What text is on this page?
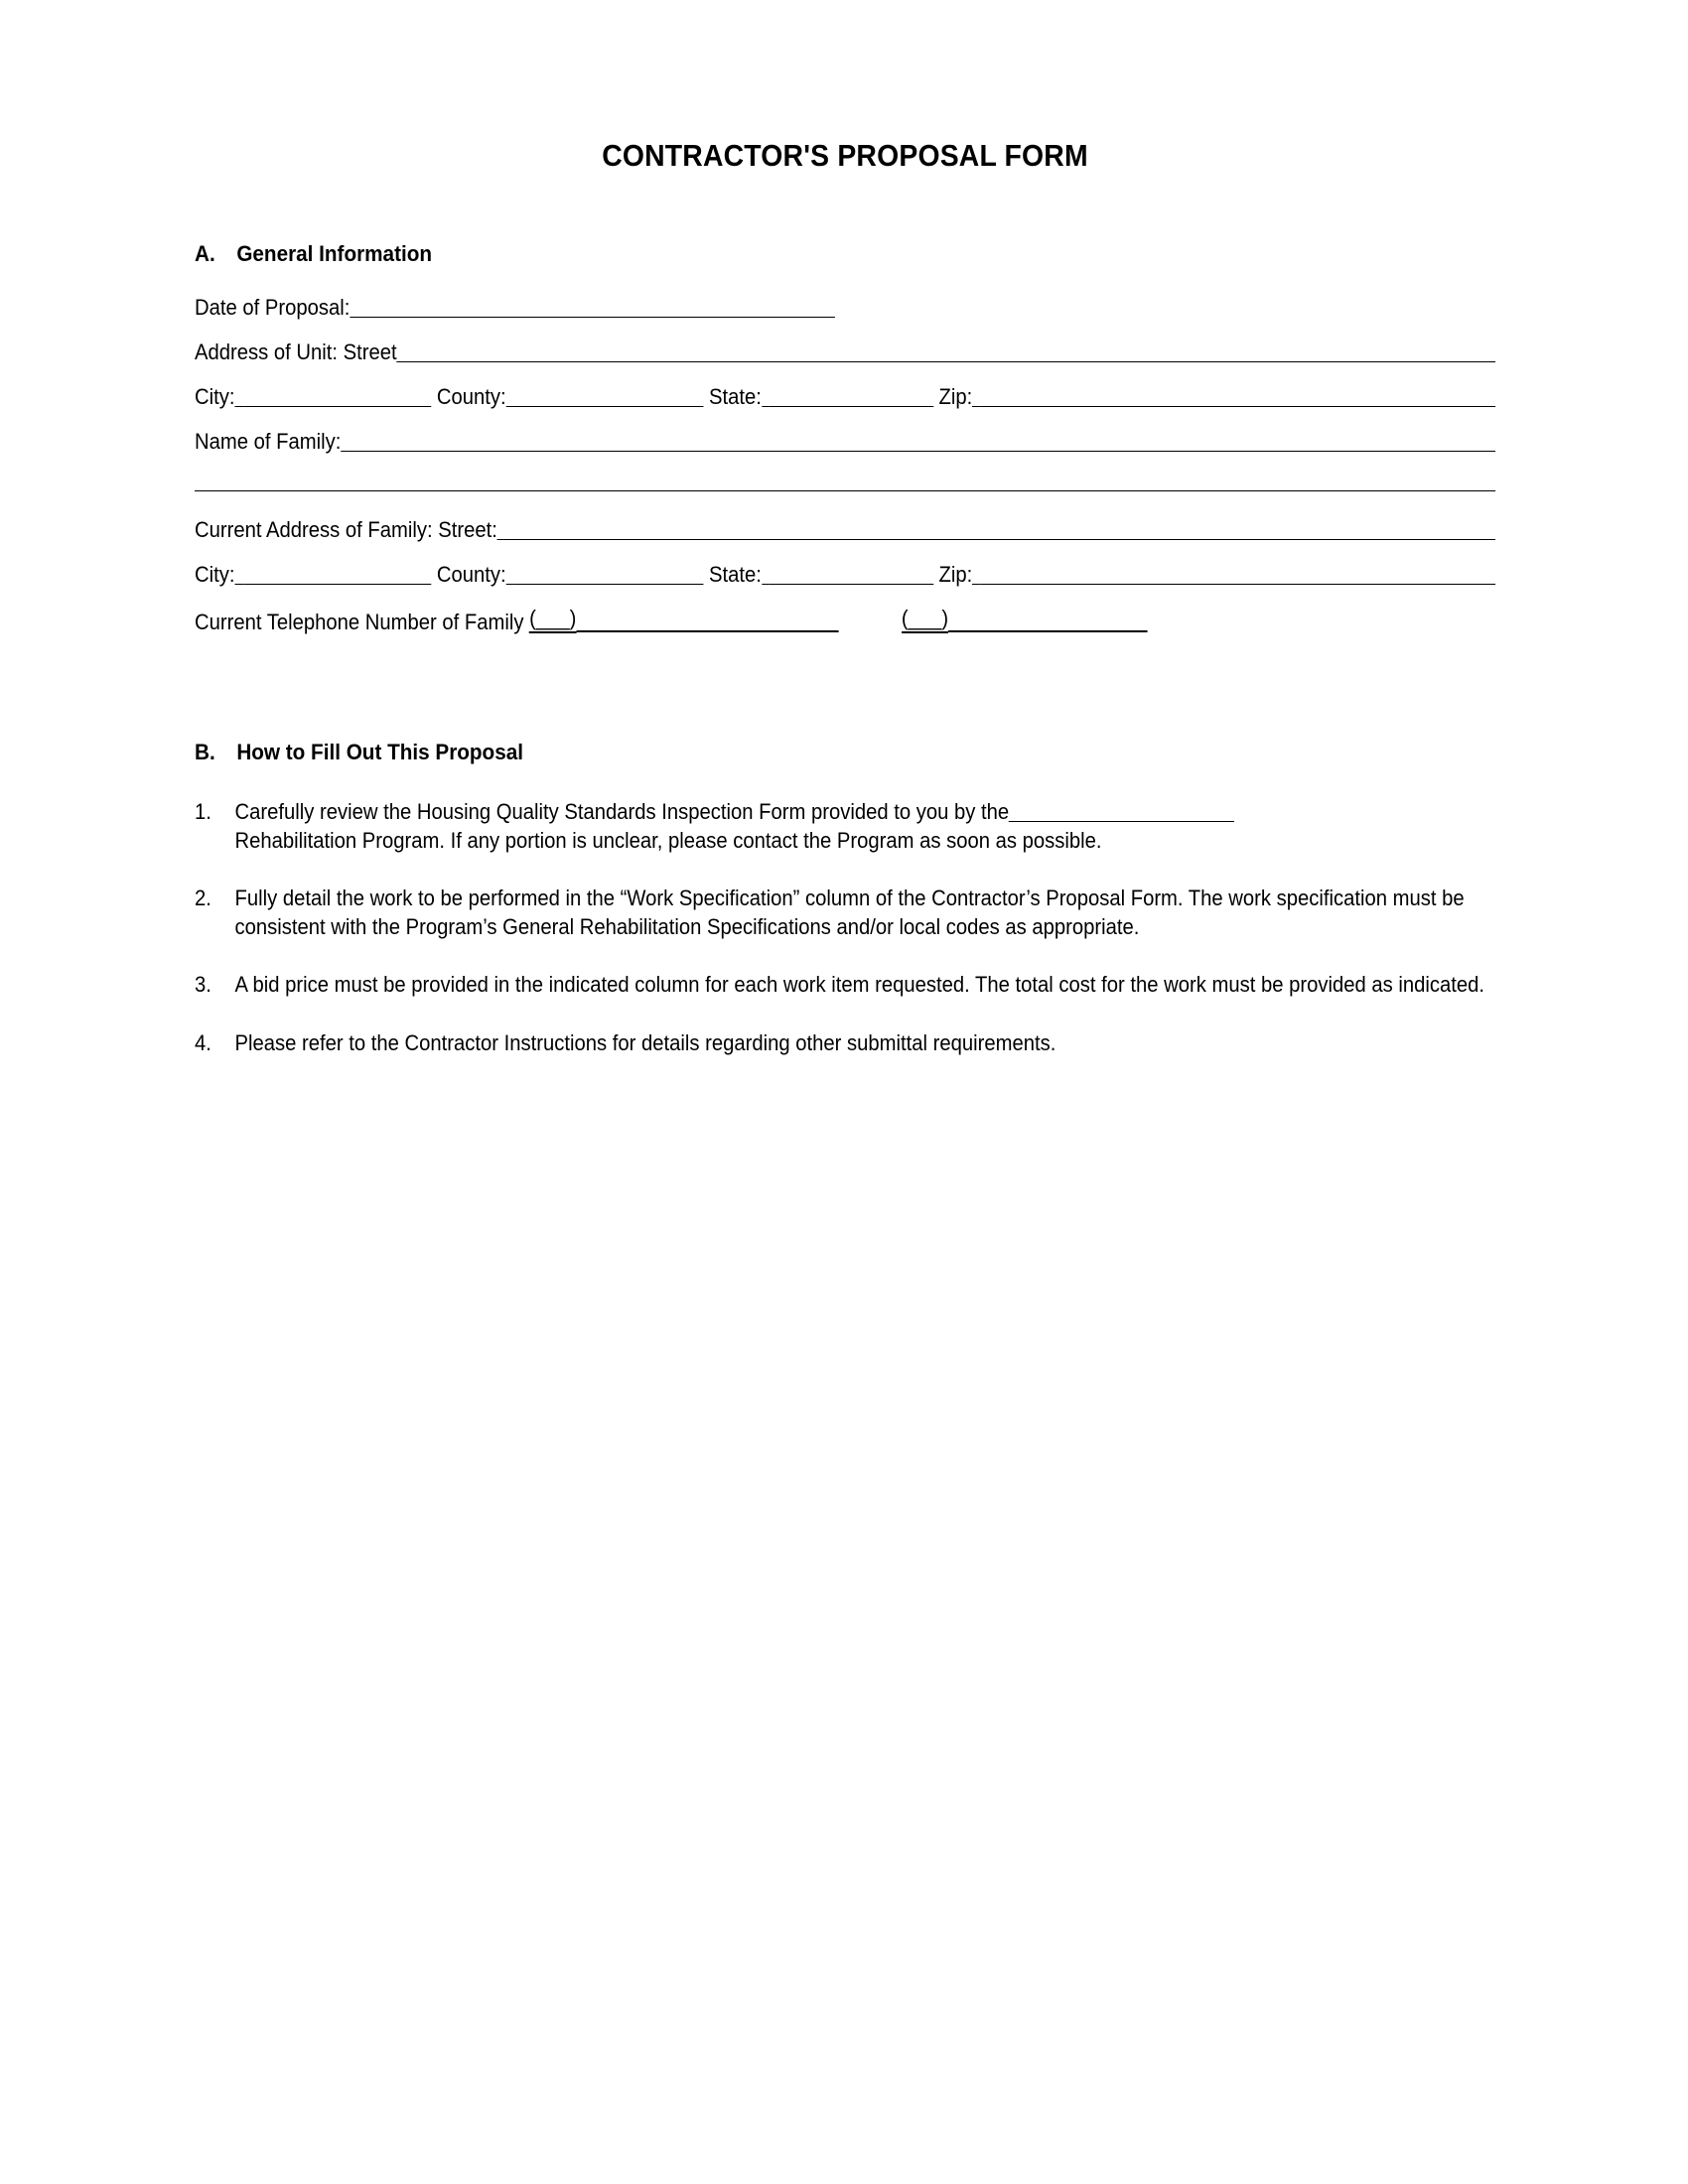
CONTRACTOR'S PROPOSAL FORM
A. General Information
Date of Proposal:
Address of Unit: Street
City:
	County:
	State:
	Zip:
Name of Family:
Current Address of Family: Street:
City:
	County:
	State:
	Zip:
Current Telephone Number of Family
(___)	(___)
B. How to Fill Out This Proposal
1.	Carefully review the Housing Quality Standards Inspection Form provided to you by the
Rehabilitation Program. If any portion is unclear, please contact the Program as soon as possible.
2.	Fully detail the work to be performed in the “Work Specification” column of the Contractor’s Proposal Form. The work specification must be consistent with the Program’s General Rehabilitation Specifications and/or local codes as appropriate.
3.	A bid price must be provided in the indicated column for each work item requested. The total cost for the work must be provided as indicated.
4.	Please refer to the Contractor Instructions for details regarding other submittal requirements.
